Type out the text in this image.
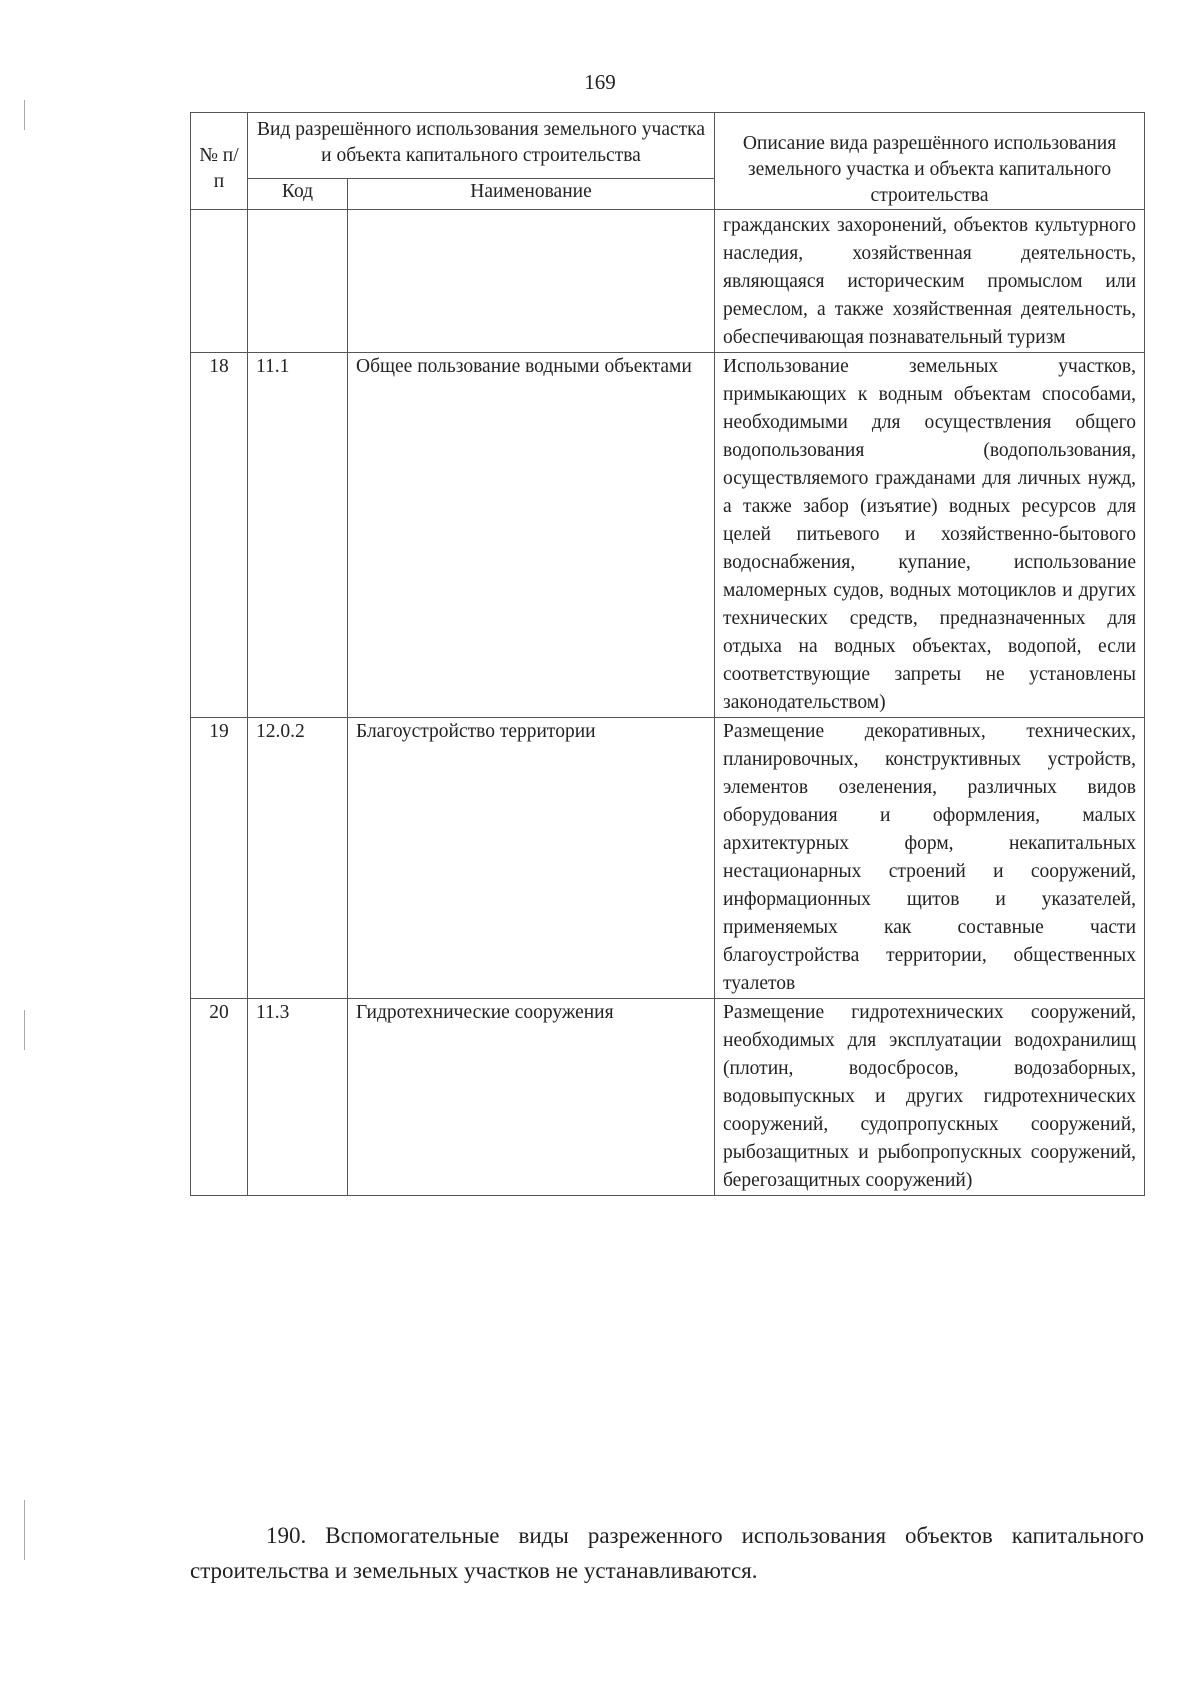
169
№ п/п	Вид разрешённого использования земельного участка и объекта капитального строительства		Описание вида разрешённого использования земельного участка и объекта капитального строительства
	Код	Наименование	
			гражданских захоронений, объектов культурного наследия, хозяйственная деятельность, являющаяся историческим промыслом или ремеслом, а также хозяйственная деятельность, обеспечивающая познавательный туризм
18	11.1	Общее пользование водными объектами	Использование земельных участков, примыкающих к водным объектам способами, необходимыми для осуществления общего водопользования (водопользования, осуществляемого гражданами для личных нужд, а также забор (изъятие) водных ресурсов для целей питьевого и хозяйственно-бытового водоснабжения, купание, использование маломерных судов, водных мотоциклов и других технических средств, предназначенных для отдыха на водных объектах, водопой, если соответствующие запреты не установлены законодательством)
19	12.0.2	Благоустройство территории	Размещение декоративных, технических, планировочных, конструктивных устройств, элементов озеленения, различных видов оборудования и оформления, малых архитектурных форм, некапитальных нестационарных строений и сооружений, информационных щитов и указателей, применяемых как составные части благоустройства территории, общественных туалетов
20	11.3	Гидротехнические сооружения	Размещение гидротехнических сооружений, необходимых для эксплуатации водохранилищ (плотин, водосбросов, водозаборных, водовыпускных и других гидротехнических сооружений, судопропускных сооружений, рыбозащитных и рыбопропускных сооружений, берегозащитных сооружений)

190. Вспомогательные виды разреженного использования объектов капитального строительства и земельных участков не устанавливаются.
